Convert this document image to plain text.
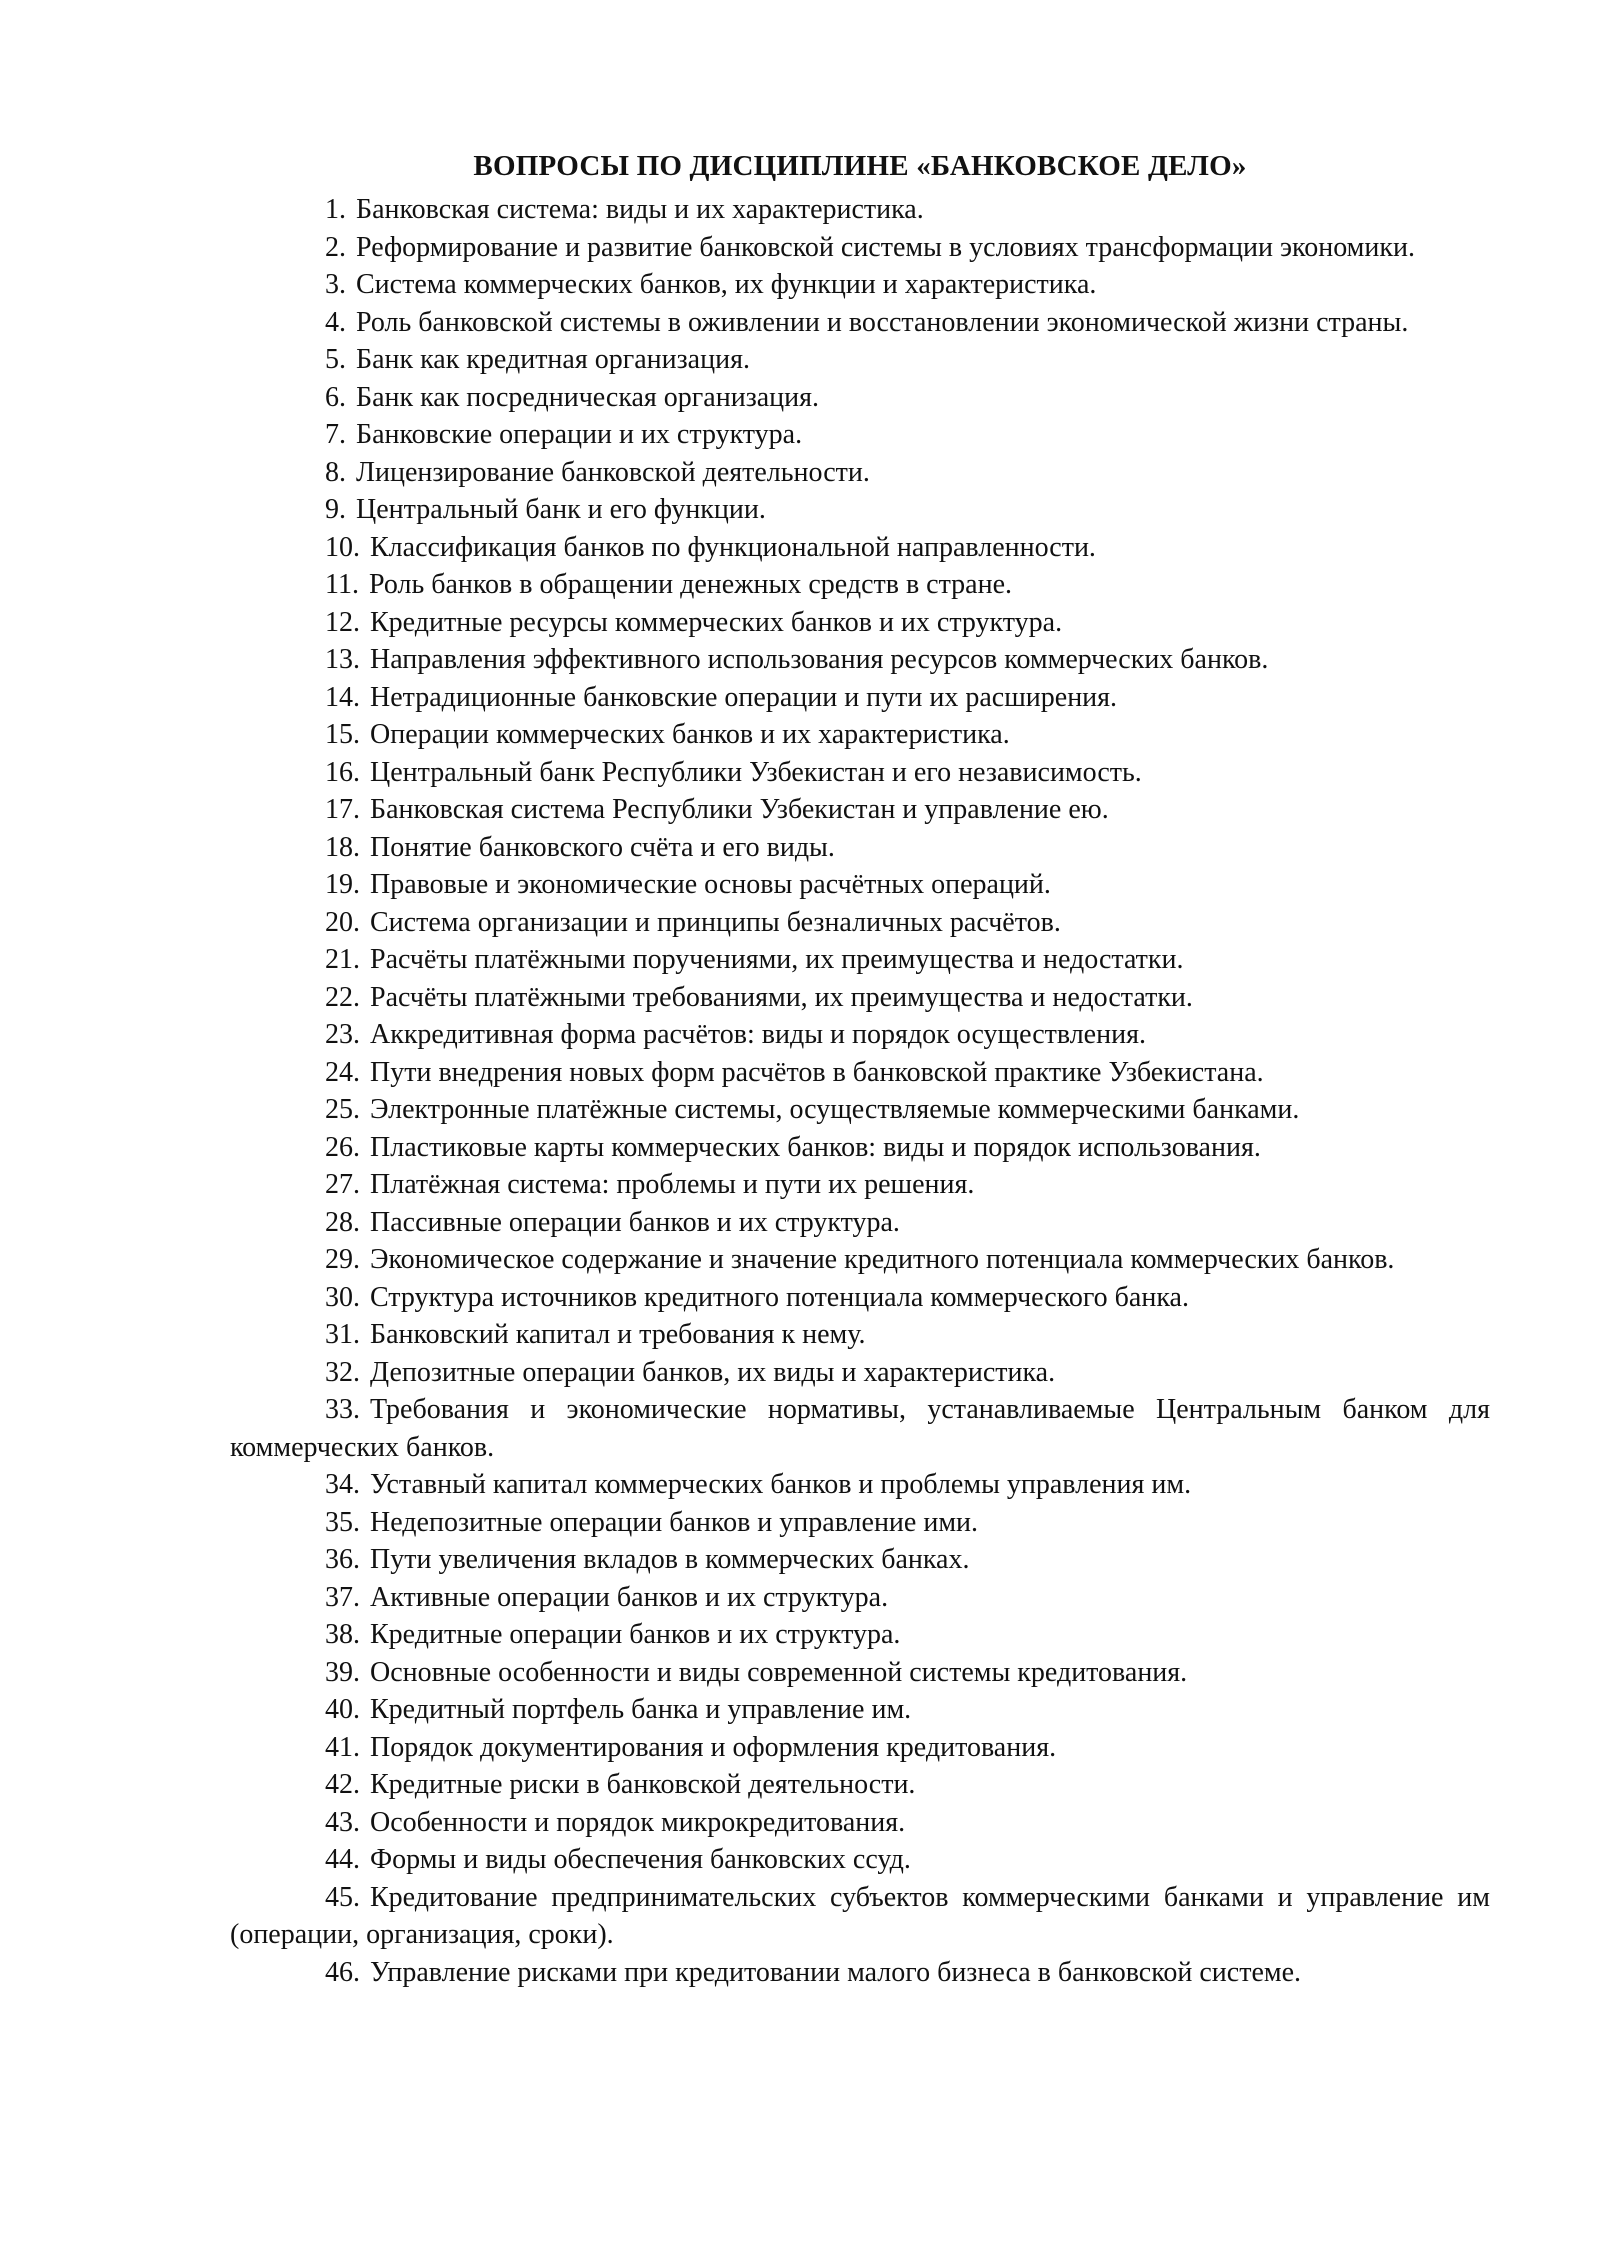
ВОПРОСЫ ПО ДИСЦИПЛИНЕ «БАНКОВСКОЕ ДЕЛО»
1. Банковская система: виды и их характеристика.
2. Реформирование и развитие банковской системы в условиях трансформации экономики.
3. Система коммерческих банков, их функции и характеристика.
4. Роль банковской системы в оживлении и восстановлении экономической жизни страны.
5. Банк как кредитная организация.
6. Банк как посредническая организация.
7. Банковские операции и их структура.
8. Лицензирование банковской деятельности.
9. Центральный банк и его функции.
10. Классификация банков по функциональной направленности.
11. Роль банков в обращении денежных средств в стране.
12. Кредитные ресурсы коммерческих банков и их структура.
13. Направления эффективного использования ресурсов коммерческих банков.
14. Нетрадиционные банковские операции и пути их расширения.
15. Операции коммерческих банков и их характеристика.
16. Центральный банк Республики Узбекистан и его независимость.
17. Банковская система Республики Узбекистан и управление ею.
18. Понятие банковского счёта и его виды.
19. Правовые и экономические основы расчётных операций.
20. Система организации и принципы безналичных расчётов.
21. Расчёты платёжными поручениями, их преимущества и недостатки.
22. Расчёты платёжными требованиями, их преимущества и недостатки.
23. Аккредитивная форма расчётов: виды и порядок осуществления.
24. Пути внедрения новых форм расчётов в банковской практике Узбекистана.
25. Электронные платёжные системы, осуществляемые коммерческими банками.
26. Пластиковые карты коммерческих банков: виды и порядок использования.
27. Платёжная система: проблемы и пути их решения.
28. Пассивные операции банков и их структура.
29. Экономическое содержание и значение кредитного потенциала коммерческих банков.
30. Структура источников кредитного потенциала коммерческого банка.
31. Банковский капитал и требования к нему.
32. Депозитные операции банков, их виды и характеристика.
33. Требования и экономические нормативы, устанавливаемые Центральным банком для коммерческих банков.
34. Уставный капитал коммерческих банков и проблемы управления им.
35. Недепозитные операции банков и управление ими.
36. Пути увеличения вкладов в коммерческих банках.
37. Активные операции банков и их структура.
38. Кредитные операции банков и их структура.
39. Основные особенности и виды современной системы кредитования.
40. Кредитный портфель банка и управление им.
41. Порядок документирования и оформления кредитования.
42. Кредитные риски в банковской деятельности.
43. Особенности и порядок микрокредитования.
44. Формы и виды обеспечения банковских ссуд.
45. Кредитование предпринимательских субъектов коммерческими банками и управление им (операции, организация, сроки).
46. Управление рисками при кредитовании малого бизнеса в банковской системе.
